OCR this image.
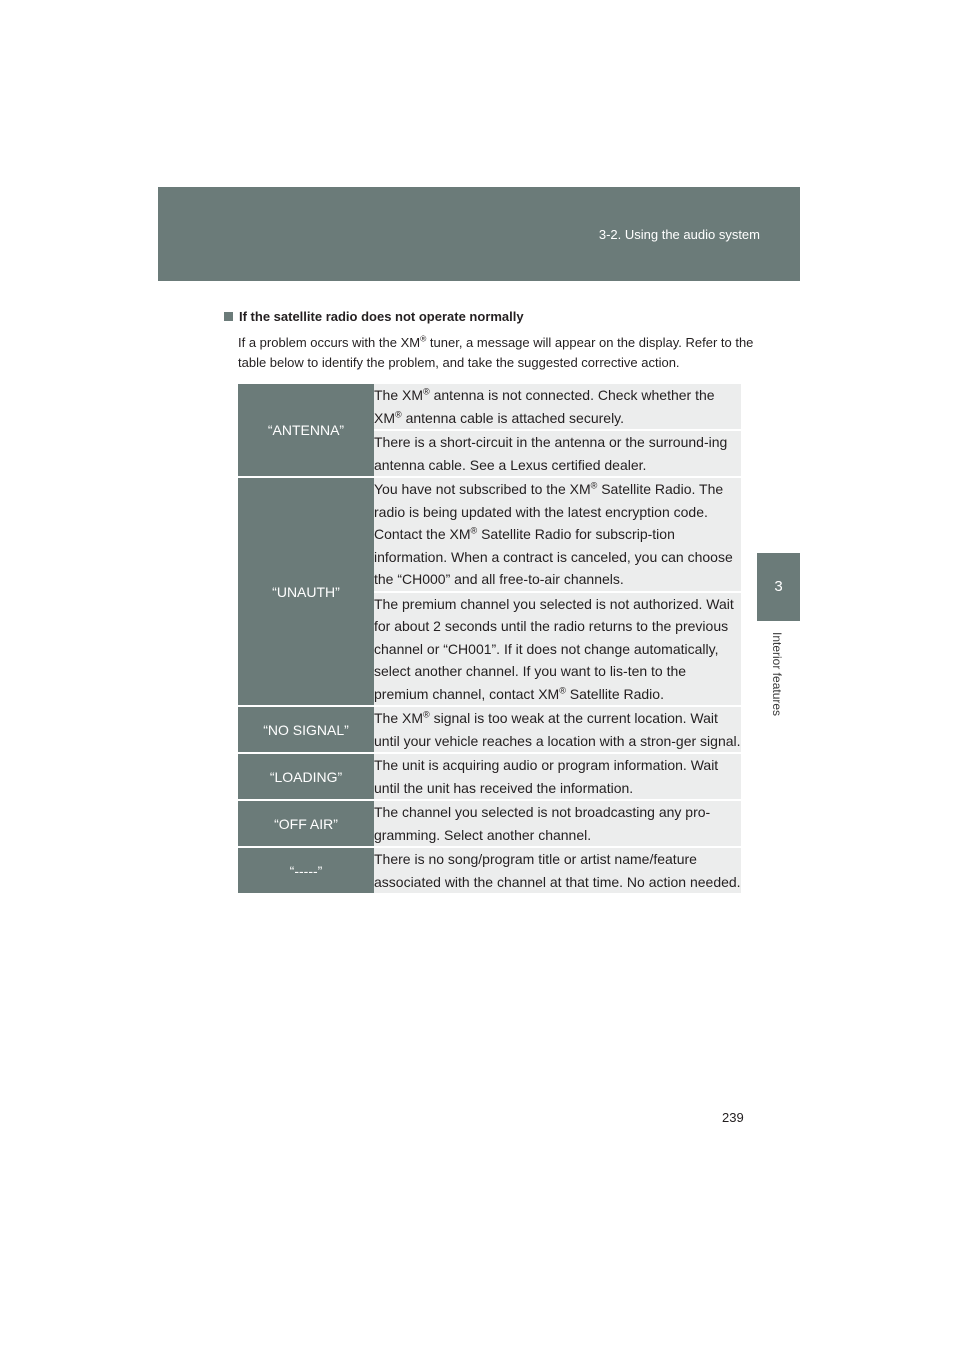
3-2. Using the audio system
3
Interior features
If the satellite radio does not operate normally
If a problem occurs with the XM® tuner, a message will appear on the display. Refer to the table below to identify the problem, and take the suggested corrective action.
“ANTENNA”	The XM® antenna is not connected. Check whether the XM® antenna cable is attached securely.
	There is a short-circuit in the antenna or the surround-ing antenna cable. See a Lexus certified dealer.
“UNAUTH”	You have not subscribed to the XM® Satellite Radio. The radio is being updated with the latest encryption code. Contact the XM® Satellite Radio for subscrip-tion information. When a contract is canceled, you can choose the “CH000” and all free-to-air channels.
	The premium channel you selected is not authorized. Wait for about 2 seconds until the radio returns to the previous channel or “CH001”. If it does not change automatically, select another channel. If you want to lis-ten to the premium channel, contact XM® Satellite Radio.
“NO SIGNAL”	The XM® signal is too weak at the current location. Wait until your vehicle reaches a location with a stron-ger signal.
“LOADING”	The unit is acquiring audio or program information. Wait until the unit has received the information.
“OFF AIR”	The channel you selected is not broadcasting any pro-gramming. Select another channel.
“-----”	There is no song/program title or artist name/feature associated with the channel at that time. No action needed.
239
